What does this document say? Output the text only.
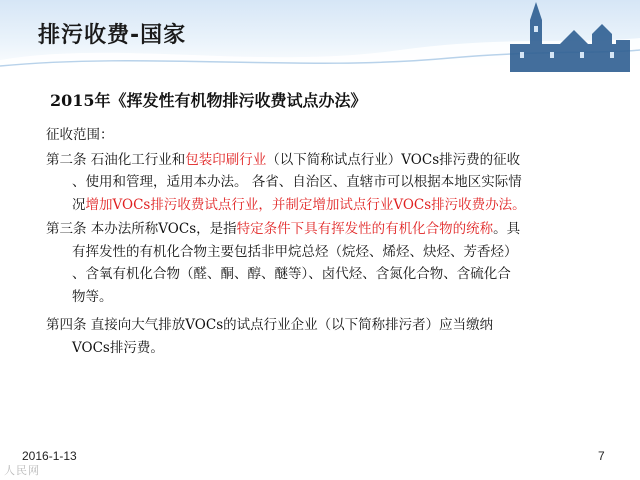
排污收费-国家
2015年《挥发性有机物排污收费试点办法》

征收范围：

第二条 石油化工行业和包装印刷行业（以下简称试点行业）VOCs排污费的征收

、使用和管理，适用本办法。 各省、自治区、直辖市可以根据本地区实际情

况增加VOCs排污收费试点行业，并制定增加试点行业VOCs排污收费办法。

第三条 本办法所称VOCs，是指特定条件下具有挥发性的有机化合物的统称。具

有挥发性的有机化合物主要包括非甲烷总烃（烷烃、烯烃、炔烃、芳香烃）

、含氧有机化合物（醛、酮、醇、醚等）、卤代烃、含氮化合物、含硫化合

物等。

第四条 直接向大气排放VOCs的试点行业企业（以下简称排污者）应当缴纳

VOCs排污费。

2016-1-13	7
人民网
